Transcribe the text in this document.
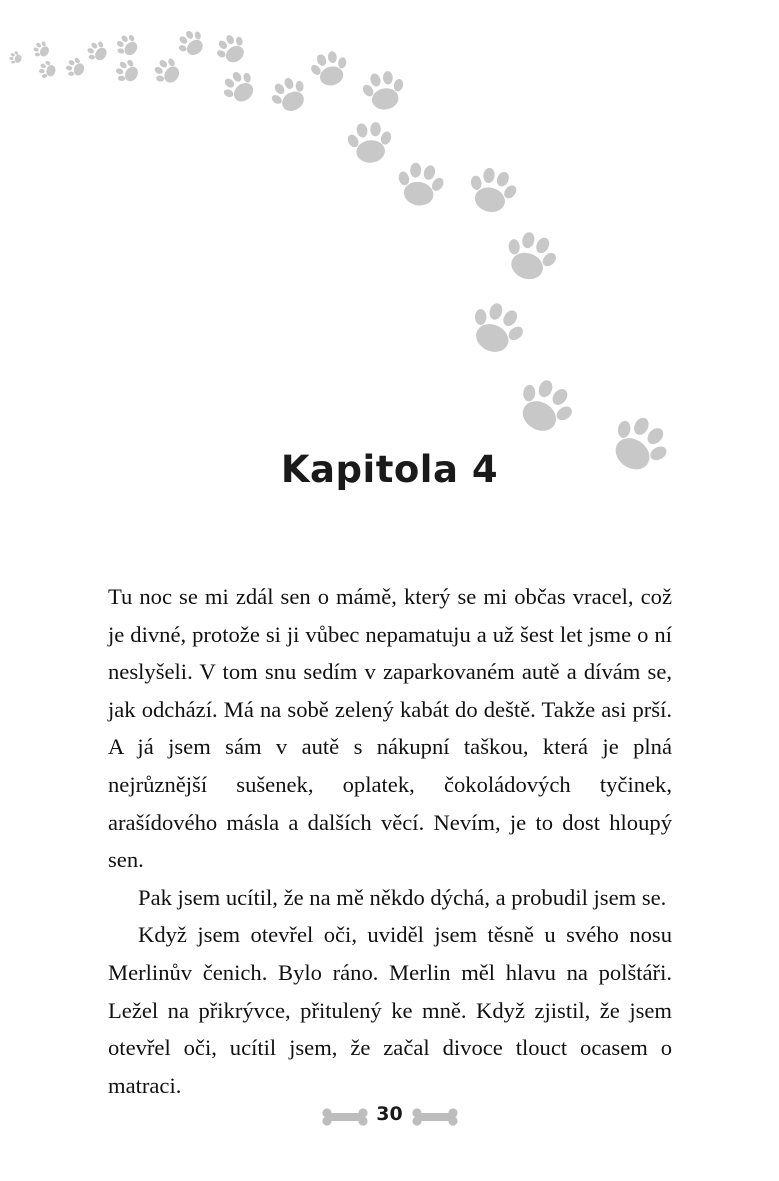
Kapitola 4

Tu noc se mi zdál sen o mámě, který se mi občas vracel, což je divné, protože si ji vůbec nepamatuju a už šest let jsme o ní neslyšeli. V tom snu sedím v zaparkovaném autě a dívám se, jak odchází. Má na sobě zelený kabát do deště. Takže asi prší. A já jsem sám v autě s nákupní taškou, která je plná nejrůznější sušenek, oplatek, čokoládových tyčinek, arašídového másla a dalších věcí. Nevím, je to dost hloupý sen.

Pak jsem ucítil, že na mě někdo dýchá, a probudil jsem se.

Když jsem otevřel oči, uviděl jsem těsně u svého nosu Merlinův čenich. Bylo ráno. Merlin měl hlavu na polštáři. Ležel na přikrývce, přitulený ke mně. Když zjistil, že jsem otevřel oči, ucítil jsem, že začal divoce tlouct ocasem o matraci.

30
